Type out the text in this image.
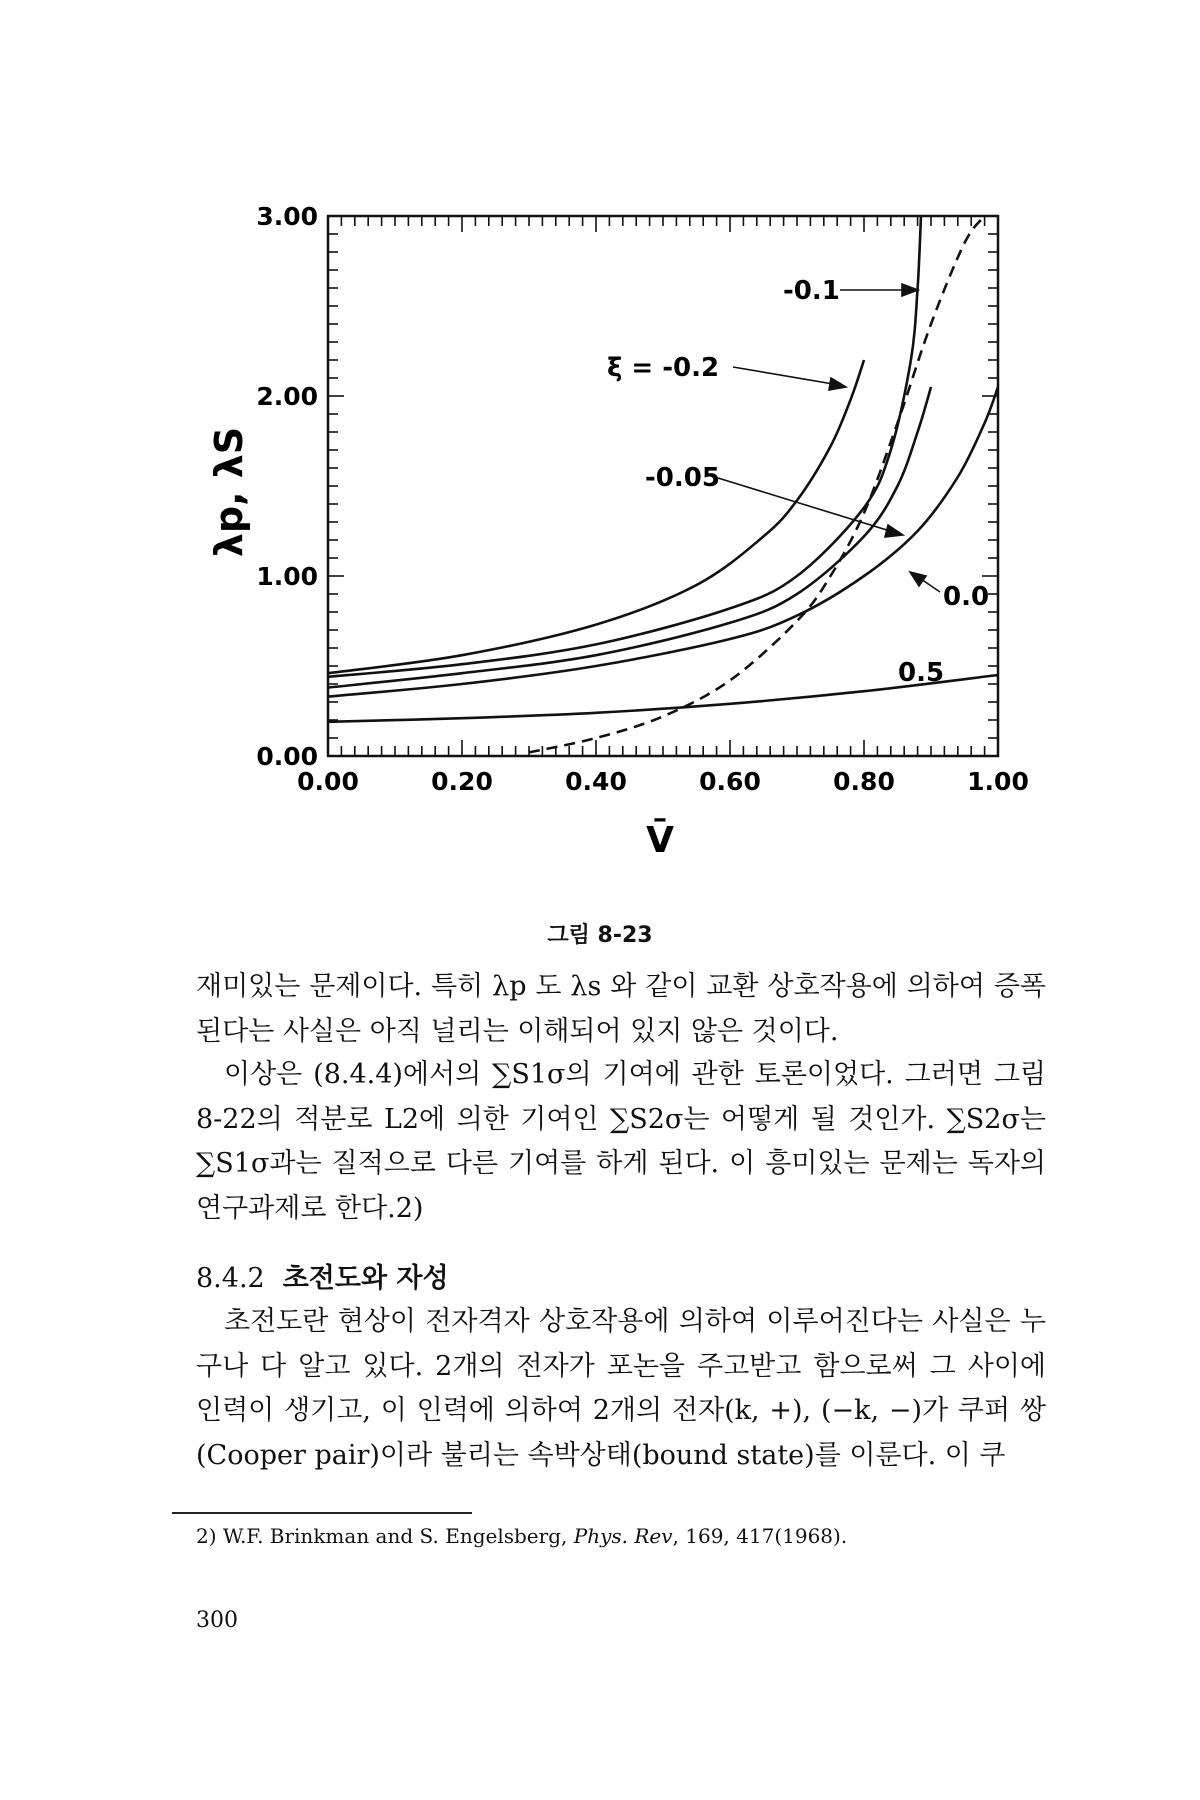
0.00	0.20	0.40	0.60	0.80	1.00
0.00
1.00
2.00
3.00
-0.1
ξ = -0.2
-0.05
0.0
0.5
λp, λS
V̄
그림 8-23

재미있는 문제이다. 특히 λp 도 λs 와 같이 교환 상호작용에 의하여 증폭된다는 사실은 아직 널리는 이해되어 있지 않은 것이다.

이상은 (8.4.4)에서의 ∑S1σ의 기여에 관한 토론이었다. 그러면 그림 8-22의 적분로 L2에 의한 기여인 ∑S2σ는 어떻게 될 것인가. ∑S2σ는 ∑S1σ과는 질적으로 다른 기여를 하게 된다. 이 흥미있는 문제는 독자의 연구과제로 한다.2)

8.4.2 초전도와 자성

초전도란 현상이 전자격자 상호작용에 의하여 이루어진다는 사실은 누구나 다 알고 있다. 2개의 전자가 포논을 주고받고 함으로써 그 사이에 인력이 생기고, 이 인력에 의하여 2개의 전자(k, +), (−k, −)가 쿠퍼 쌍(Cooper pair)이라 불리는 속박상태(bound state)를 이룬다. 이 쿠

2) W.F. Brinkman and S. Engelsberg, Phys. Rev, 169, 417(1968).
300
